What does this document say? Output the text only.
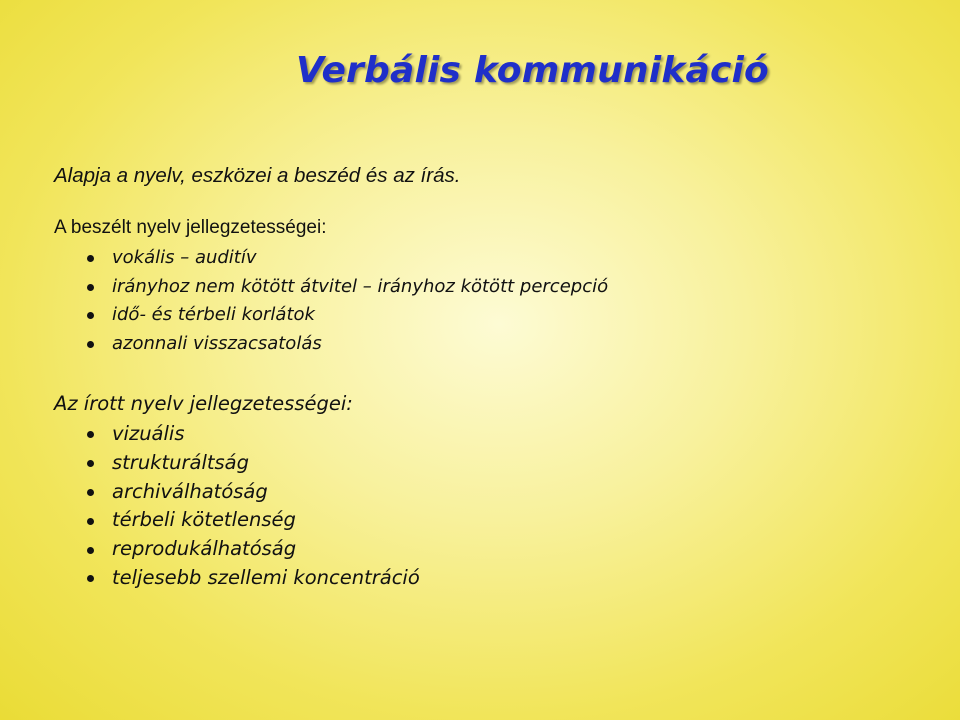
Verbális kommunikáció

Alapja a nyelv, eszközei a beszéd és az írás.

A beszélt nyelv jellegzetességei:

vokális – auditív
irányhoz nem kötött átvitel – irányhoz kötött percepció
idő- és térbeli korlátok
azonnali visszacsatolás

Az írott nyelv jellegzetességei:

vizuális
strukturáltság
archiválhatóság
térbeli kötetlenség
reprodukálhatóság
teljesebb szellemi koncentráció
